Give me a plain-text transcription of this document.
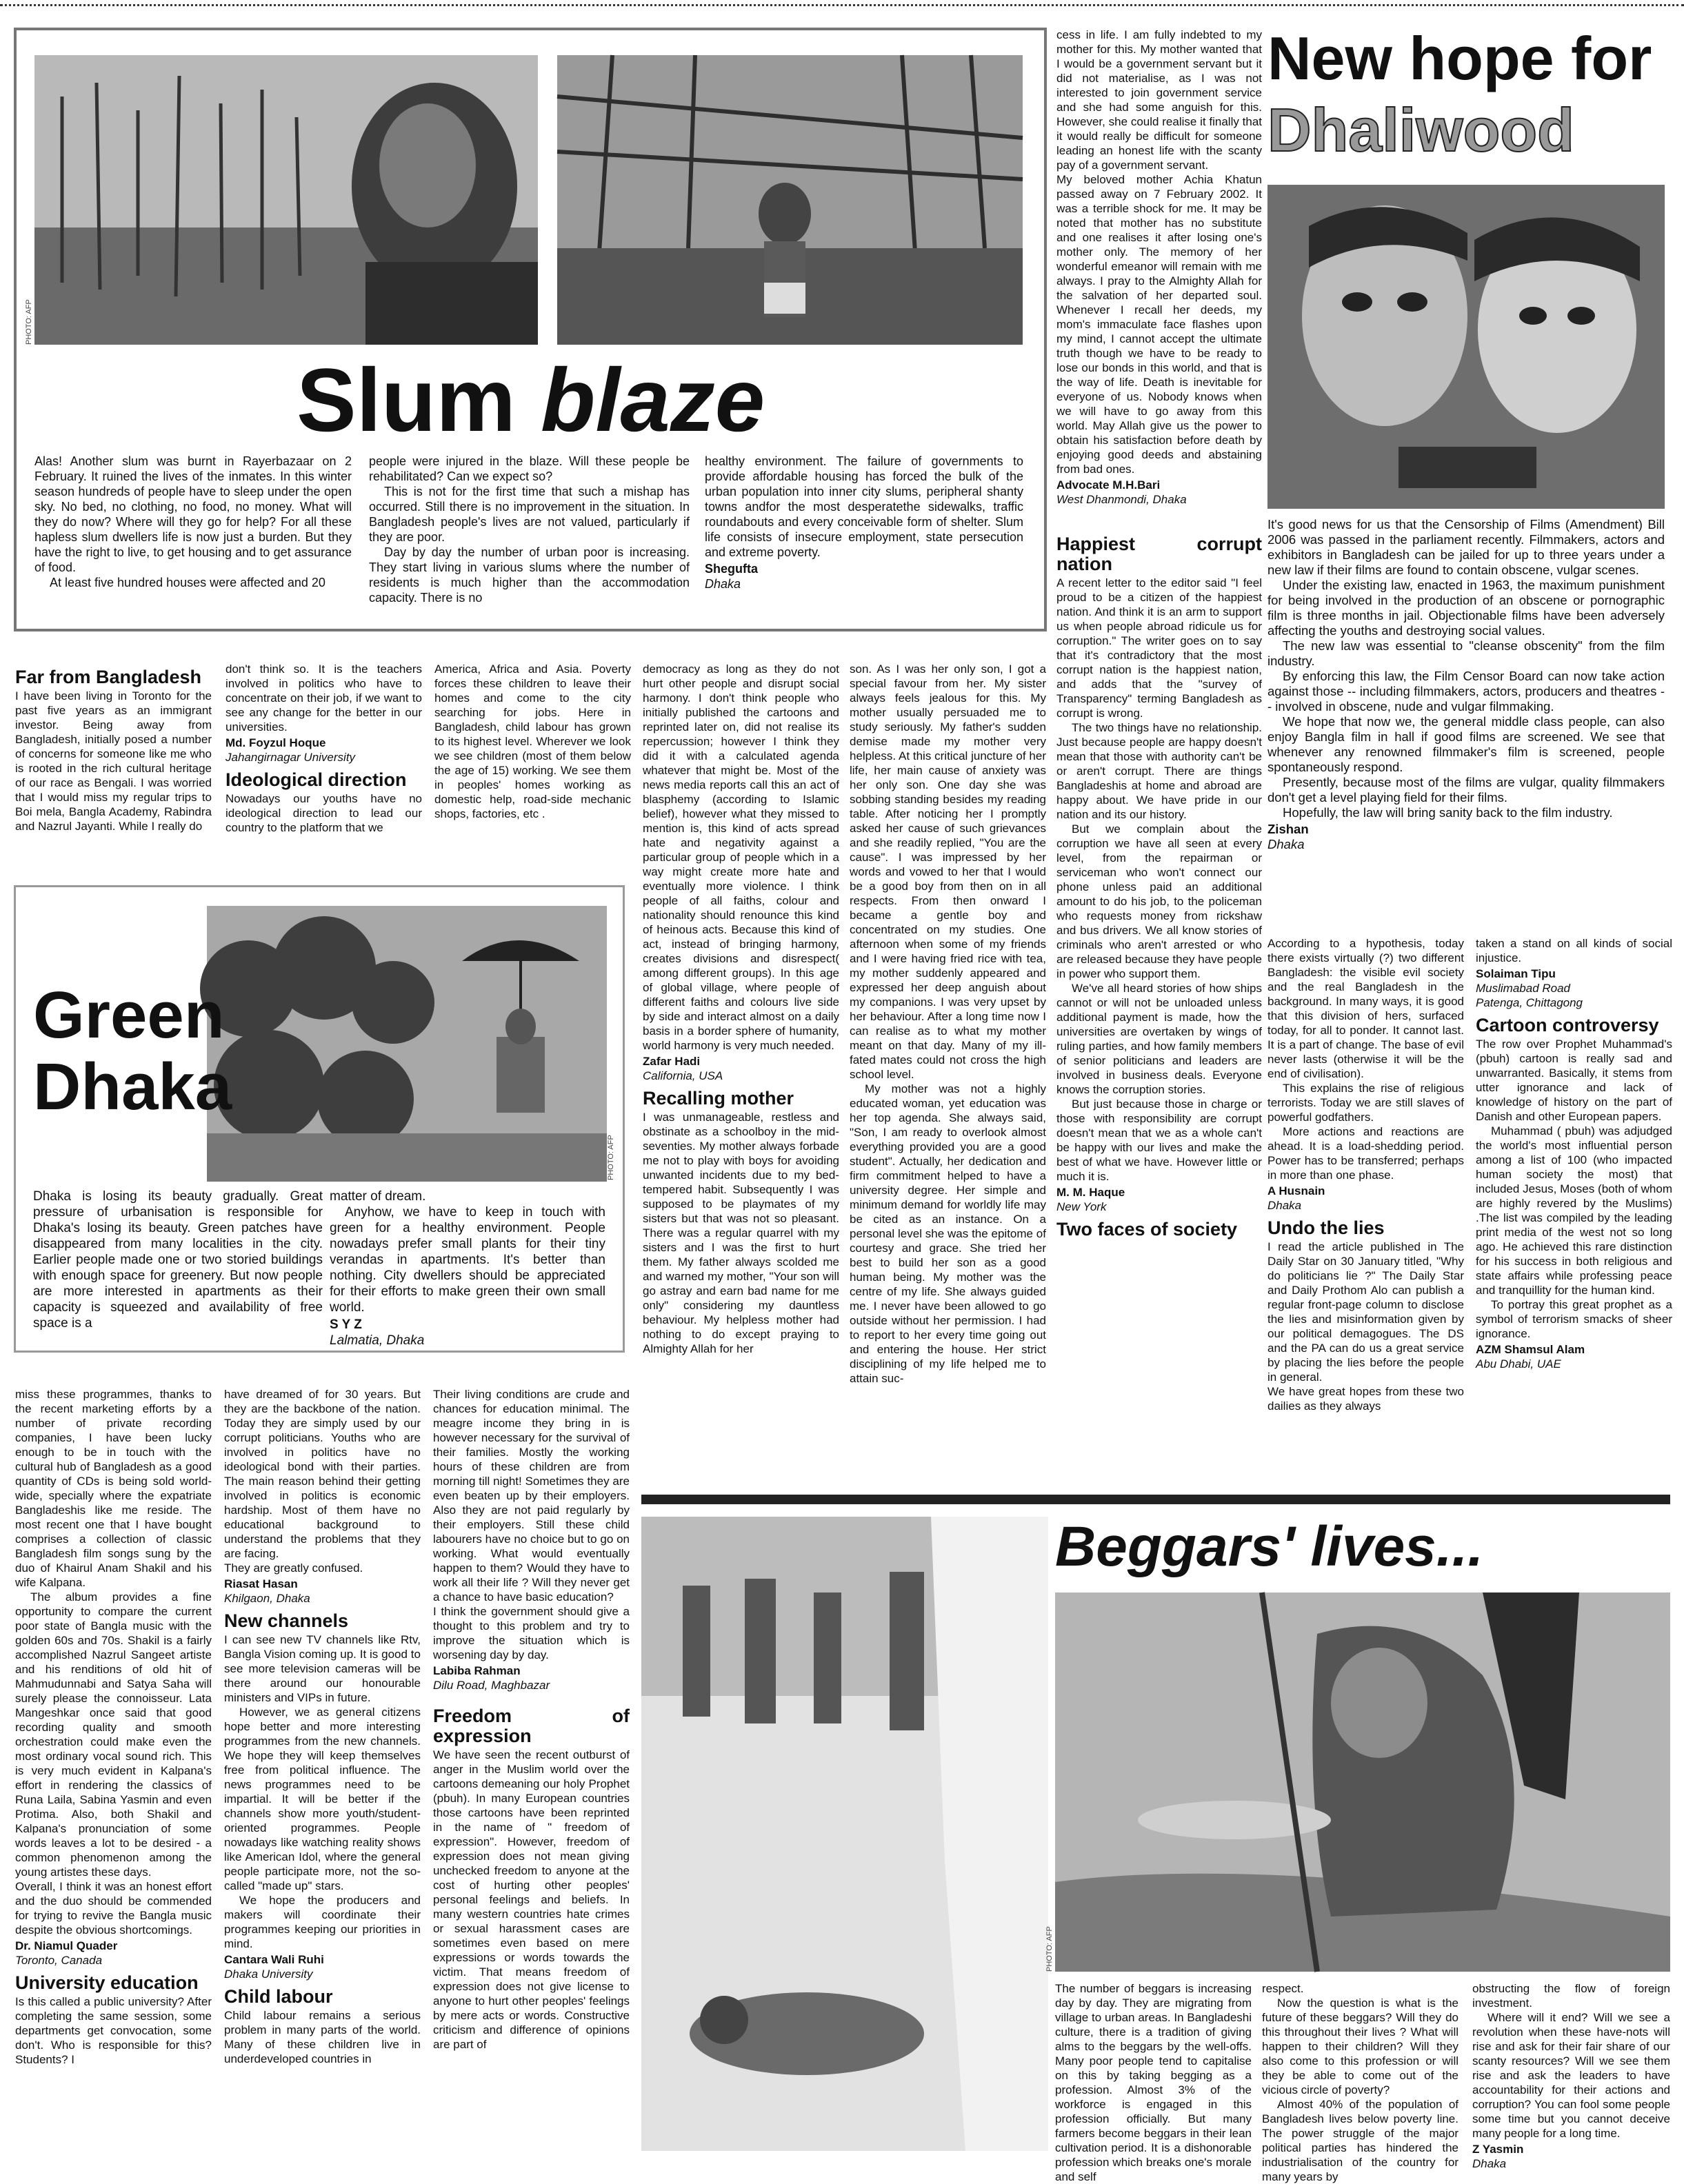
PHOTO: AFP
Slum blaze

Alas! Another slum was burnt in Rayerbazaar on 2 February. It ruined the lives of the inmates. In this winter season hundreds of people have to sleep under the open sky. No bed, no clothing, no food, no money. What will they do now? Where will they go for help? For all these hapless slum dwellers life is now just a burden. But they have the right to live, to get housing and to get assurance of food.

At least five hundred houses were affected and 20

people were injured in the blaze. Will these people be rehabilitated? Can we expect so?

This is not for the first time that such a mishap has occurred. Still there is no improvement in the situation. In Bangladesh people's lives are not valued, particularly if they are poor.

Day by day the number of urban poor is increasing. They start living in various slums where the number of residents is much higher than the accommodation capacity. There is no

healthy environment. The failure of governments to provide affordable housing has forced the bulk of the urban population into inner city slums, peripheral shanty towns andfor the most desperatethe sidewalks, traffic roundabouts and every conceivable form of shelter. Slum life consists of insecure employment, state persecution and extreme poverty.

Shegufta
Dhaka

cess in life. I am fully indebted to my mother for this. My mother wanted that I would be a government servant but it did not materialise, as I was not interested to join government service and she had some anguish for this. However, she could realise it finally that it would really be difficult for someone leading an honest life with the scanty pay of a government servant.

My beloved mother Achia Khatun passed away on 7 February 2002. It was a terrible shock for me. It may be noted that mother has no substitute and one realises it after losing one's mother only. The memory of her wonderful emeanor will remain with me always. I pray to the Almighty Allah for the salvation of her departed soul. Whenever I recall her deeds, my mom's immaculate face flashes upon my mind, I cannot accept the ultimate truth though we have to be ready to lose our bonds in this world, and that is the way of life. Death is inevitable for everyone of us. Nobody knows when we will have to go away from this world. May Allah give us the power to obtain his satisfaction before death by enjoying good deeds and abstaining from bad ones.

Advocate M.H.Bari
West Dhanmondi, Dhaka
Happiest corrupt nation

A recent letter to the editor said "I feel proud to be a citizen of the happiest nation. And think it is an arm to support us when people abroad ridicule us for corruption." The writer goes on to say that it's contradictory that the most corrupt nation is the happiest nation, and adds that the "survey of Transparency" terming Bangladesh as corrupt is wrong.

The two things have no relationship. Just because people are happy doesn't mean that those with authority can't be or aren't corrupt. There are things Bangladeshis at home and abroad are happy about. We have pride in our nation and its our history.

But we complain about the corruption we have all seen at every level, from the repairman or serviceman who won't connect our phone unless paid an additional amount to do his job, to the policeman who requests money from rickshaw and bus drivers. We all know stories of criminals who aren't arrested or who are released because they have people in power who support them.

We've all heard stories of how ships cannot or will not be unloaded unless additional payment is made, how the universities are overtaken by wings of ruling parties, and how family members of senior politicians and leaders are involved in business deals. Everyone knows the corruption stories.

But just because those in charge or those with responsibility are corrupt doesn't mean that we as a whole can't be happy with our lives and make the best of what we have. However little or much it is.

M. M. Haque
New York
Two faces of society
New hope for
Dhaliwood

It's good news for us that the Censorship of Films (Amendment) Bill 2006 was passed in the parliament recently. Filmmakers, actors and exhibitors in Bangladesh can be jailed for up to three years under a new law if their films are found to contain obscene, vulgar scenes.

Under the existing law, enacted in 1963, the maximum punishment for being involved in the production of an obscene or pornographic film is three months in jail. Objectionable films have been adversely affecting the youths and destroying social values.

The new law was essential to "cleanse obscenity" from the film industry.

By enforcing this law, the Film Censor Board can now take action against those -- including filmmakers, actors, producers and theatres -- involved in obscene, nude and vulgar filmmaking.

We hope that now we, the general middle class people, can also enjoy Bangla film in hall if good films are screened. We see that whenever any renowned filmmaker's film is screened, people spontaneously respond.

Presently, because most of the films are vulgar, quality filmmakers don't get a level playing field for their films.

Hopefully, the law will bring sanity back to the film industry.

Zishan
Dhaka
Far from Bangladesh

I have been living in Toronto for the past five years as an immigrant investor. Being away from Bangladesh, initially posed a number of concerns for someone like me who is rooted in the rich cultural heritage of our race as Bengali. I was worried that I would miss my regular trips to Boi mela, Bangla Academy, Rabindra and Nazrul Jayanti. While I really do

don't think so. It is the teachers involved in politics who have to concentrate on their job, if we want to see any change for the better in our universities.

Md. Foyzul Hoque
Jahangirnagar University
Ideological direction

Nowadays our youths have no ideological direction to lead our country to the platform that we

America, Africa and Asia. Poverty forces these children to leave their homes and come to the city searching for jobs. Here in Bangladesh, child labour has grown to its highest level. Wherever we look we see children (most of them below the age of 15) working. We see them in peoples' homes working as domestic help, road-side mechanic shops, factories, etc .

democracy as long as they do not hurt other people and disrupt social harmony. I don't think people who initially published the cartoons and reprinted later on, did not realise its repercussion; however I think they did it with a calculated agenda whatever that might be. Most of the news media reports call this an act of blasphemy (according to Islamic belief), however what they missed to mention is, this kind of acts spread hate and negativity against a particular group of people which in a way might create more hate and eventually more violence. I think people of all faiths, colour and nationality should renounce this kind of heinous acts. Because this kind of act, instead of bringing harmony, creates divisions and disrespect( among different groups). In this age of global village, where people of different faiths and colours live side by side and interact almost on a daily basis in a border sphere of humanity, world harmony is very much needed.

Zafar Hadi
California, USA
Recalling mother

I was unmanageable, restless and obstinate as a schoolboy in the mid-seventies. My mother always forbade me not to play with boys for avoiding unwanted incidents due to my bed-tempered habit. Subsequently I was supposed to be playmates of my sisters but that was not so pleasant. There was a regular quarrel with my sisters and I was the first to hurt them. My father always scolded me and warned my mother, "Your son will go astray and earn bad name for me only" considering my dauntless behaviour. My helpless mother had nothing to do except praying to Almighty Allah for her

son. As I was her only son, I got a special favour from her. My sister always feels jealous for this. My mother usually persuaded me to study seriously. My father's sudden demise made my mother very helpless. At this critical juncture of her life, her main cause of anxiety was her only son. One day she was sobbing standing besides my reading table. After noticing her I promptly asked her cause of such grievances and she readily replied, "You are the cause". I was impressed by her words and vowed to her that I would be a good boy from then on in all respects. From then onward I became a gentle boy and concentrated on my studies. One afternoon when some of my friends and I were having fried rice with tea, my mother suddenly appeared and expressed her deep anguish about my companions. I was very upset by her behaviour. After a long time now I can realise as to what my mother meant on that day. Many of my ill-fated mates could not cross the high school level.

My mother was not a highly educated woman, yet education was her top agenda. She always said, "Son, I am ready to overlook almost everything provided you are a good student". Actually, her dedication and firm commitment helped to have a university degree. Her simple and minimum demand for worldly life may be cited as an instance. On a personal level she was the epitome of courtesy and grace. She tried her best to build her son as a good human being. My mother was the centre of my life. She always guided me. I never have been allowed to go outside without her permission. I had to report to her every time going out and entering the house. Her strict disciplining of my life helped me to attain suc-

PHOTO: AFP
Green
Dhaka

Dhaka is losing its beauty gradually. Great pressure of urbanisation is responsible for Dhaka's losing its beauty. Green patches have disappeared from many localities in the city. Earlier people made one or two storied buildings with enough space for greenery. But now people are more interested in apartments as their capacity is squeezed and availability of free space is a

matter of dream.

Anyhow, we have to keep in touch with green for a healthy environment. People nowadays prefer small plants for their tiny verandas in apartments. It's better than nothing. City dwellers should be appreciated for their efforts to make green their own small world.

S Y Z
Lalmatia, Dhaka

According to a hypothesis, today there exists virtually (?) two different Bangladesh: the visible evil society and the real Bangladesh in the background. In many ways, it is good that this division of hers, surfaced today, for all to ponder. It cannot last. It is a part of change. The base of evil never lasts (otherwise it will be the end of civilisation).

This explains the rise of religious terrorists. Today we are still slaves of powerful godfathers.

More actions and reactions are ahead. It is a load-shedding period. Power has to be transferred; perhaps in more than one phase.

A Husnain
Dhaka
Undo the lies

I read the article published in The Daily Star on 30 January titled, "Why do politicians lie ?" The Daily Star and Daily Prothom Alo can publish a regular front-page column to disclose the lies and misinformation given by our political demagogues. The DS and the PA can do us a great service by placing the lies before the people in general.

We have great hopes from these two dailies as they always

taken a stand on all kinds of social injustice.

Solaiman Tipu
Muslimabad Road
Patenga, Chittagong
Cartoon controversy

The row over Prophet Muhammad's (pbuh) cartoon is really sad and unwarranted. Basically, it stems from utter ignorance and lack of knowledge of history on the part of Danish and other European papers.

Muhammad ( pbuh) was adjudged the world's most influential person among a list of 100 (who impacted human society the most) that included Jesus, Moses (both of whom are highly revered by the Muslims) .The list was compiled by the leading print media of the west not so long ago. He achieved this rare distinction for his success in both religious and state affairs while professing peace and tranquillity for the human kind.

To portray this great prophet as a symbol of terrorism smacks of sheer ignorance.

AZM Shamsul Alam
Abu Dhabi, UAE

miss these programmes, thanks to the recent marketing efforts by a number of private recording companies, I have been lucky enough to be in touch with the cultural hub of Bangladesh as a good quantity of CDs is being sold world-wide, specially where the expatriate Bangladeshis like me reside. The most recent one that I have bought comprises a collection of classic Bangladesh film songs sung by the duo of Khairul Anam Shakil and his wife Kalpana.

The album provides a fine opportunity to compare the current poor state of Bangla music with the golden 60s and 70s. Shakil is a fairly accomplished Nazrul Sangeet artiste and his renditions of old hit of Mahmudunnabi and Satya Saha will surely please the connoisseur. Lata Mangeshkar once said that good recording quality and smooth orchestration could make even the most ordinary vocal sound rich. This is very much evident in Kalpana's effort in rendering the classics of Runa Laila, Sabina Yasmin and even Protima. Also, both Shakil and Kalpana's pronunciation of some words leaves a lot to be desired - a common phenomenon among the young artistes these days.

Overall, I think it was an honest effort and the duo should be commended for trying to revive the Bangla music despite the obvious shortcomings.

Dr. Niamul Quader
Toronto, Canada
University education

Is this called a public university? After completing the same session, some departments get convocation, some don't. Who is responsible for this? Students? I

have dreamed of for 30 years. But they are the backbone of the nation. Today they are simply used by our corrupt politicians. Youths who are involved in politics have no ideological bond with their parties. The main reason behind their getting involved in politics is economic hardship. Most of them have no educational background to understand the problems that they are facing.

They are greatly confused.

Riasat Hasan
Khilgaon, Dhaka
New channels

I can see new TV channels like Rtv, Bangla Vision coming up. It is good to see more television cameras will be there around our honourable ministers and VIPs in future.

However, we as general citizens hope better and more interesting programmes from the new channels. We hope they will keep themselves free from political influence. The news programmes need to be impartial. It will be better if the channels show more youth/student-oriented programmes. People nowadays like watching reality shows like American Idol, where the general people participate more, not the so-called "made up" stars.

We hope the producers and makers will coordinate their programmes keeping our priorities in mind.

Cantara Wali Ruhi
Dhaka University
Child labour

Child labour remains a serious problem in many parts of the world. Many of these children live in underdeveloped countries in

Their living conditions are crude and chances for education minimal. The meagre income they bring in is however necessary for the survival of their families. Mostly the working hours of these children are from morning till night! Sometimes they are even beaten up by their employers. Also they are not paid regularly by their employers. Still these child labourers have no choice but to go on working. What would eventually happen to them? Would they have to work all their life ? Will they never get a chance to have basic education?

I think the government should give a thought to this problem and try to improve the situation which is worsening day by day.

Labiba Rahman
Dilu Road, Maghbazar
Freedom of expression

We have seen the recent outburst of anger in the Muslim world over the cartoons demeaning our holy Prophet (pbuh). In many European countries those cartoons have been reprinted in the name of " freedom of expression". However, freedom of expression does not mean giving unchecked freedom to anyone at the cost of hurting other peoples' personal feelings and beliefs. In many western countries hate crimes or sexual harassment cases are sometimes even based on mere expressions or words towards the victim. That means freedom of expression does not give license to anyone to hurt other peoples' feelings by mere acts or words. Constructive criticism and difference of opinions are part of

Beggars' lives...
PHOTO: AFP

The number of beggars is increasing day by day. They are migrating from village to urban areas. In Bangladeshi culture, there is a tradition of giving alms to the beggars by the well-offs. Many poor people tend to capitalise on this by taking begging as a profession. Almost 3% of the workforce is engaged in this profession officially. But many farmers become beggars in their lean cultivation period. It is a dishonorable profession which breaks one's morale and self

respect.

Now the question is what is the future of these beggars? Will they do this throughout their lives ? What will happen to their children? Will they also come to this profession or will they be able to come out of the vicious circle of poverty?

Almost 40% of the population of Bangladesh lives below poverty line. The power struggle of the major political parties has hindered the industrialisation of the country for many years by

obstructing the flow of foreign investment.

Where will it end? Will we see a revolution when these have-nots will rise and ask for their fair share of our scanty resources? Will we see them rise and ask the leaders to have accountability for their actions and corruption? You can fool some people some time but you cannot deceive many people for a long time.

Z Yasmin
Dhaka
